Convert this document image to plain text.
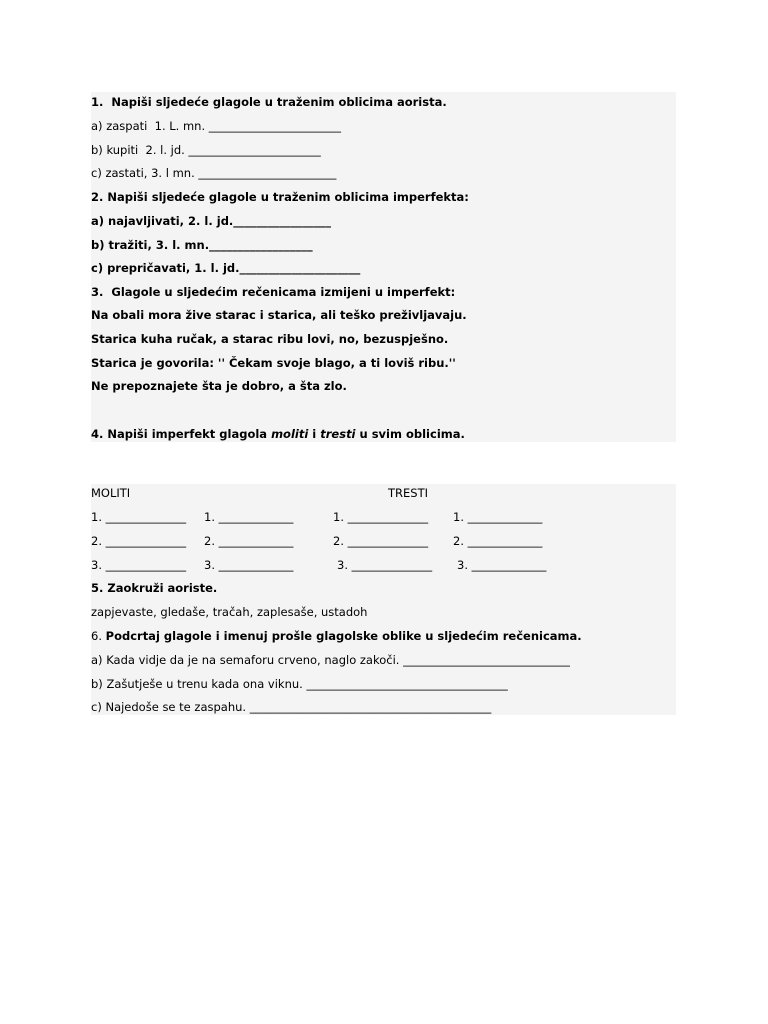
1.  Napiši sljedeće glagole u traženim oblicima aorista.
a) zaspati  1. L. mn. _______________________
b) kupiti  2. l. jd. _______________________
c) zastati, 3. l mn. ________________________
2. Napiši sljedeće glagole u traženim oblicima imperfekta:
a) najavljivati, 2. l. jd._________________
b) tražiti, 3. l. mn.__________________
c) prepričavati, 1. l. jd._____________________
3.  Glagole u sljedećim rečenicama izmijeni u imperfekt:
Na obali mora žive starac i starica, ali teško preživljavaju.
Starica kuha ručak, a starac ribu lovi, no, bezuspješno.
Starica je govorila: '' Čekam svoje blago, a ti loviš ribu.''
Ne prepoznajete šta je dobro, a šta zlo.
4. Napiši imperfekt glagola moliti i tresti u svim oblicima.
MOLITI	TRESTI
1. ______________ 1. _____________	1. ______________ 1. _____________
2. ______________ 2. _____________	2. ______________ 2. _____________
3. ______________ 3. _____________	3. ______________ 3. _____________
5. Zaokruži aoriste.
zapjevaste, gledaše, tračah, zaplesaše, ustadoh
6. Podcrtaj glagole i imenuj prošle glagolske oblike u sljedećim rečenicama.
a) Kada vidje da je na semaforu crveno, naglo zakoči. _____________________________
b) Zašutješe u trenu kada ona viknu. ___________________________________
c) Najedoše se te zaspahu. __________________________________________
